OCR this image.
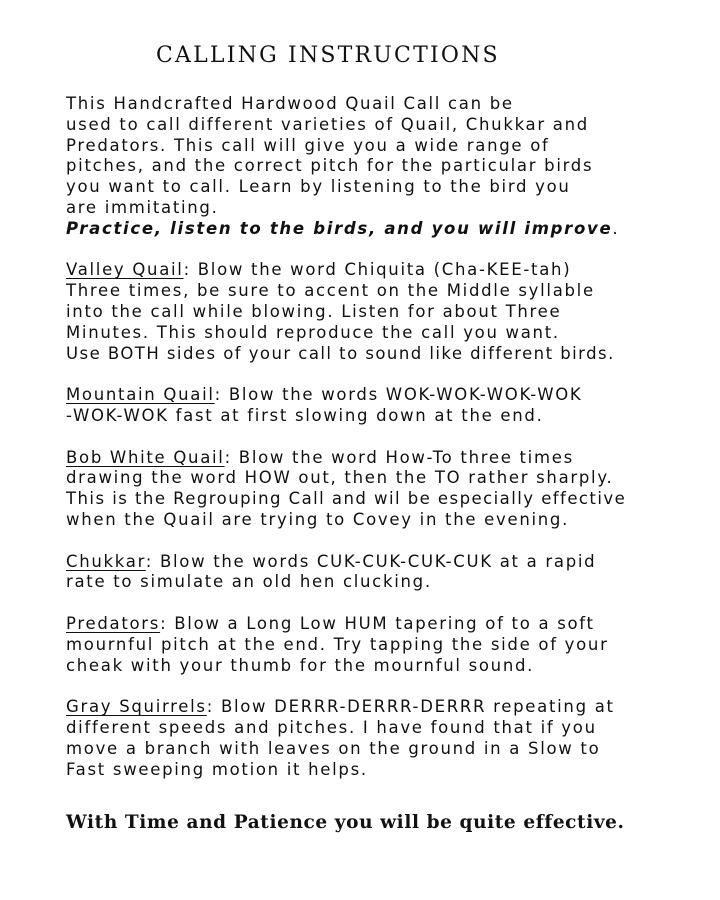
CALLING INSTRUCTIONS
This Handcrafted Hardwood Quail Call can be
used to call different varieties of Quail, Chukkar and
Predators. This call will give you a wide range of
pitches, and the correct pitch for the particular birds
you want to call. Learn by listening to the bird you
are immitating.
Practice, listen to the birds, and you will improve.
Valley Quail: Blow the word Chiquita (Cha-KEE-tah)
Three times, be sure to accent on the Middle syllable
into the call while blowing. Listen for about Three
Minutes. This should reproduce the call you want.
Use BOTH sides of your call to sound like different birds.
Mountain Quail: Blow the words WOK-WOK-WOK-WOK
-WOK-WOK fast at first slowing down at the end.
Bob White Quail: Blow the word How-To three times
drawing the word HOW out, then the TO rather sharply.
This is the Regrouping Call and wil be especially effective
when the Quail are trying to Covey in the evening.
Chukkar: Blow the words CUK-CUK-CUK-CUK at a rapid
rate to simulate an old hen clucking.
Predators: Blow a Long Low HUM tapering of to a soft
mournful pitch at the end. Try tapping the side of your
cheak with your thumb for the mournful sound.
Gray Squirrels: Blow DERRR-DERRR-DERRR repeating at
different speeds and pitches. I have found that if you
move a branch with leaves on the ground in a Slow to
Fast sweeping motion it helps.

With Time and Patience you will be quite effective.
